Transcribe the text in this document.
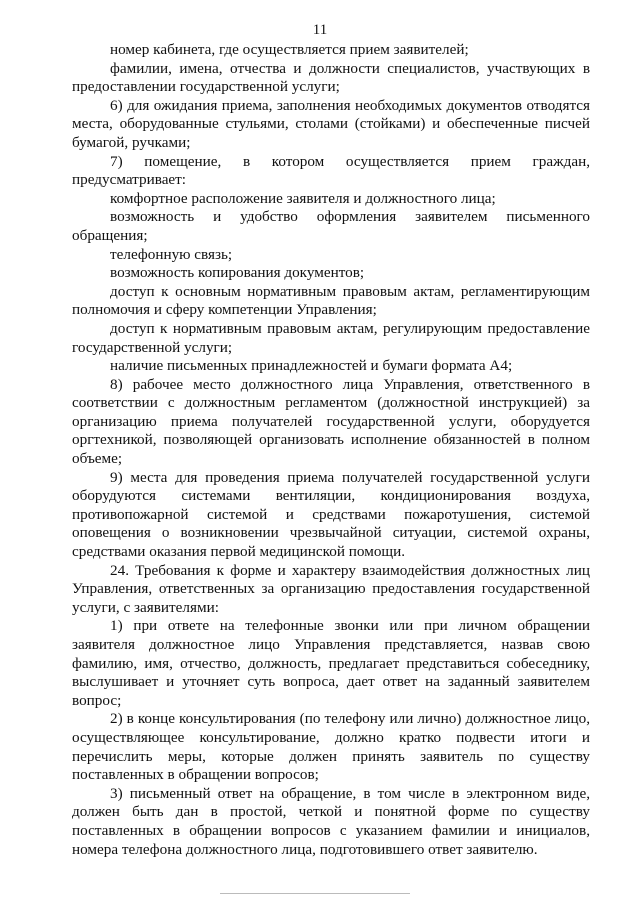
11

номер кабинета, где осуществляется прием заявителей;

фамилии, имена, отчества и должности специалистов, участвующих в предоставлении государственной услуги;

6) для ожидания приема, заполнения необходимых документов отводятся места, оборудованные стульями, столами (стойками) и обеспеченные писчей бумагой, ручками;

7) помещение, в котором осуществляется прием граждан, предусматривает:

комфортное расположение заявителя и должностного лица;

возможность и удобство оформления заявителем письменного обращения;

телефонную связь;

возможность копирования документов;

доступ к основным нормативным правовым актам, регламентирующим полномочия и сферу компетенции Управления;

доступ к нормативным правовым актам, регулирующим предоставление государственной услуги;

наличие письменных принадлежностей и бумаги формата А4;

8) рабочее место должностного лица Управления, ответственного в соответствии с должностным регламентом (должностной инструкцией) за организацию приема получателей государственной услуги, оборудуется оргтехникой, позволяющей организовать исполнение обязанностей в полном объеме;

9) места для проведения приема получателей государственной услуги оборудуются системами вентиляции, кондиционирования воздуха, противопожарной системой и средствами пожаротушения, системой оповещения о возникновении чрезвычайной ситуации, системой охраны, средствами оказания первой медицинской помощи.

24. Требования к форме и характеру взаимодействия должностных лиц Управления, ответственных за организацию предоставления государственной услуги, с заявителями:

1) при ответе на телефонные звонки или при личном обращении заявителя должностное лицо Управления представляется, назвав свою фамилию, имя, отчество, должность, предлагает представиться собеседнику, выслушивает и уточняет суть вопроса, дает ответ на заданный заявителем вопрос;

2) в конце консультирования (по телефону или лично) должностное лицо, осуществляющее консультирование, должно кратко подвести итоги и перечислить меры, которые должен принять заявитель по существу поставленных в обращении вопросов;

3) письменный ответ на обращение, в том числе в электронном виде, должен быть дан в простой, четкой и понятной форме по существу поставленных в обращении вопросов с указанием фамилии и инициалов, номера телефона должностного лица, подготовившего ответ заявителю.
